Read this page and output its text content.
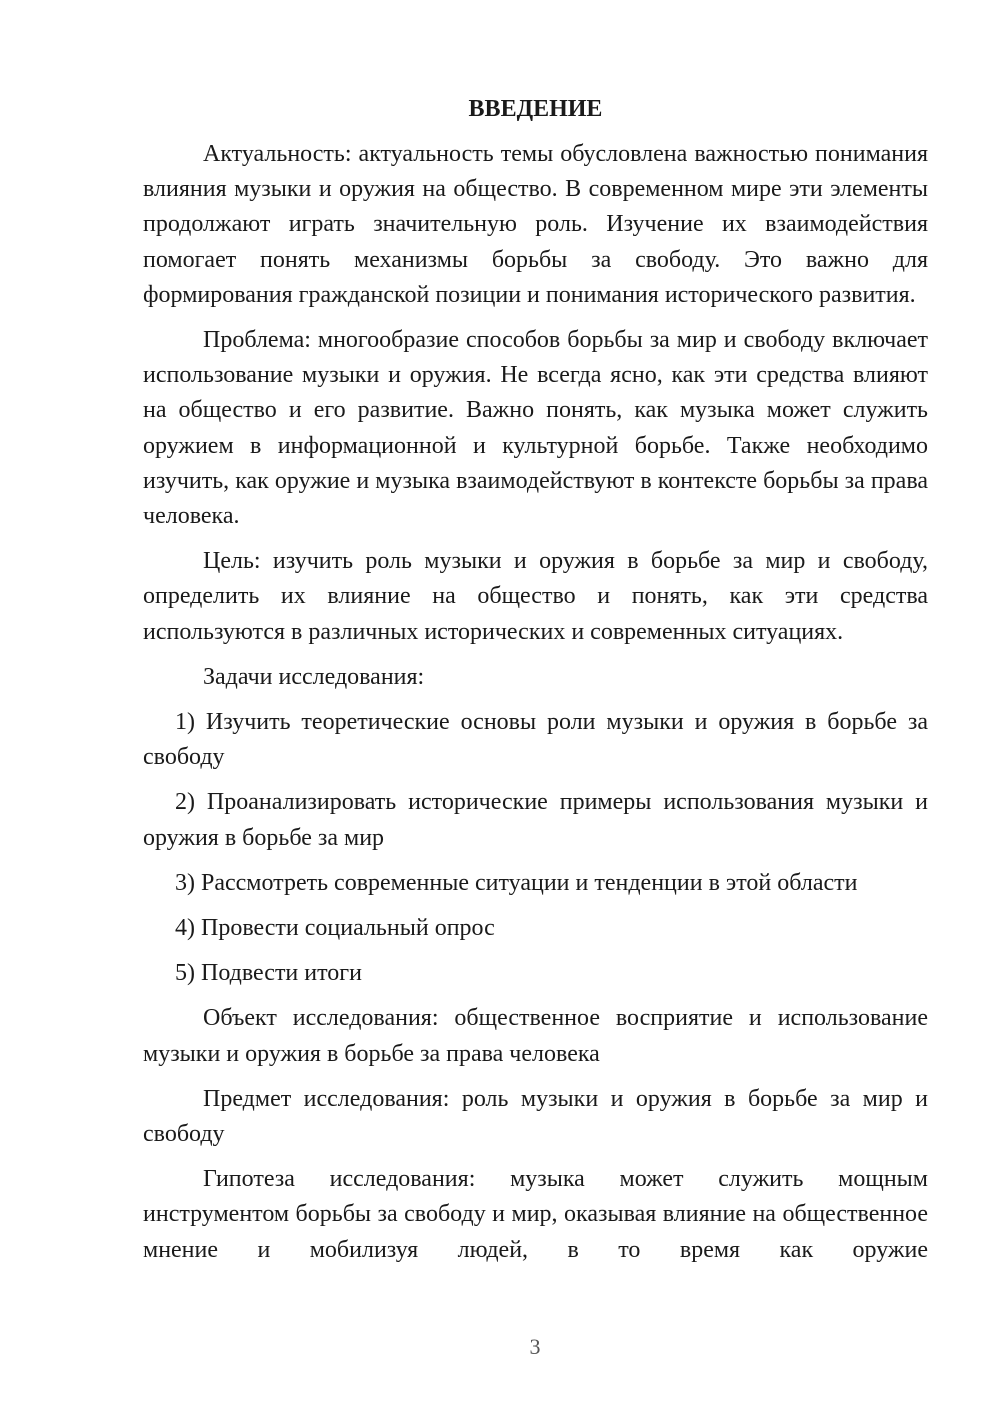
ВВЕДЕНИЕ

Актуальность: актуальность темы обусловлена важностью понимания влияния музыки и оружия на общество. В современном мире эти элементы продолжают играть значительную роль. Изучение их взаимодействия помогает понять механизмы борьбы за свободу. Это важно для формирования гражданской позиции и понимания исторического развития.

Проблема: многообразие способов борьбы за мир и свободу включает использование музыки и оружия. Не всегда ясно, как эти средства влияют на общество и его развитие. Важно понять, как музыка может служить оружием в информационной и культурной борьбе. Также необходимо изучить, как оружие и музыка взаимодействуют в контексте борьбы за права человека.

Цель: изучить роль музыки и оружия в борьбе за мир и свободу, определить их влияние на общество и понять, как эти средства используются в различных исторических и современных ситуациях.

Задачи исследования:

1) Изучить теоретические основы роли музыки и оружия в борьбе за свободу

2) Проанализировать исторические примеры использования музыки и оружия в борьбе за мир

3) Рассмотреть современные ситуации и тенденции в этой области

4) Провести социальный опрос

5) Подвести итоги

Объект исследования: общественное восприятие и использование музыки и оружия в борьбе за права человека

Предмет исследования: роль музыки и оружия в борьбе за мир и свободу

Гипотеза исследования: музыка может служить мощным инструментом борьбы за свободу и мир, оказывая влияние на общественное мнение и мобилизуя людей, в то время как оружие

3
